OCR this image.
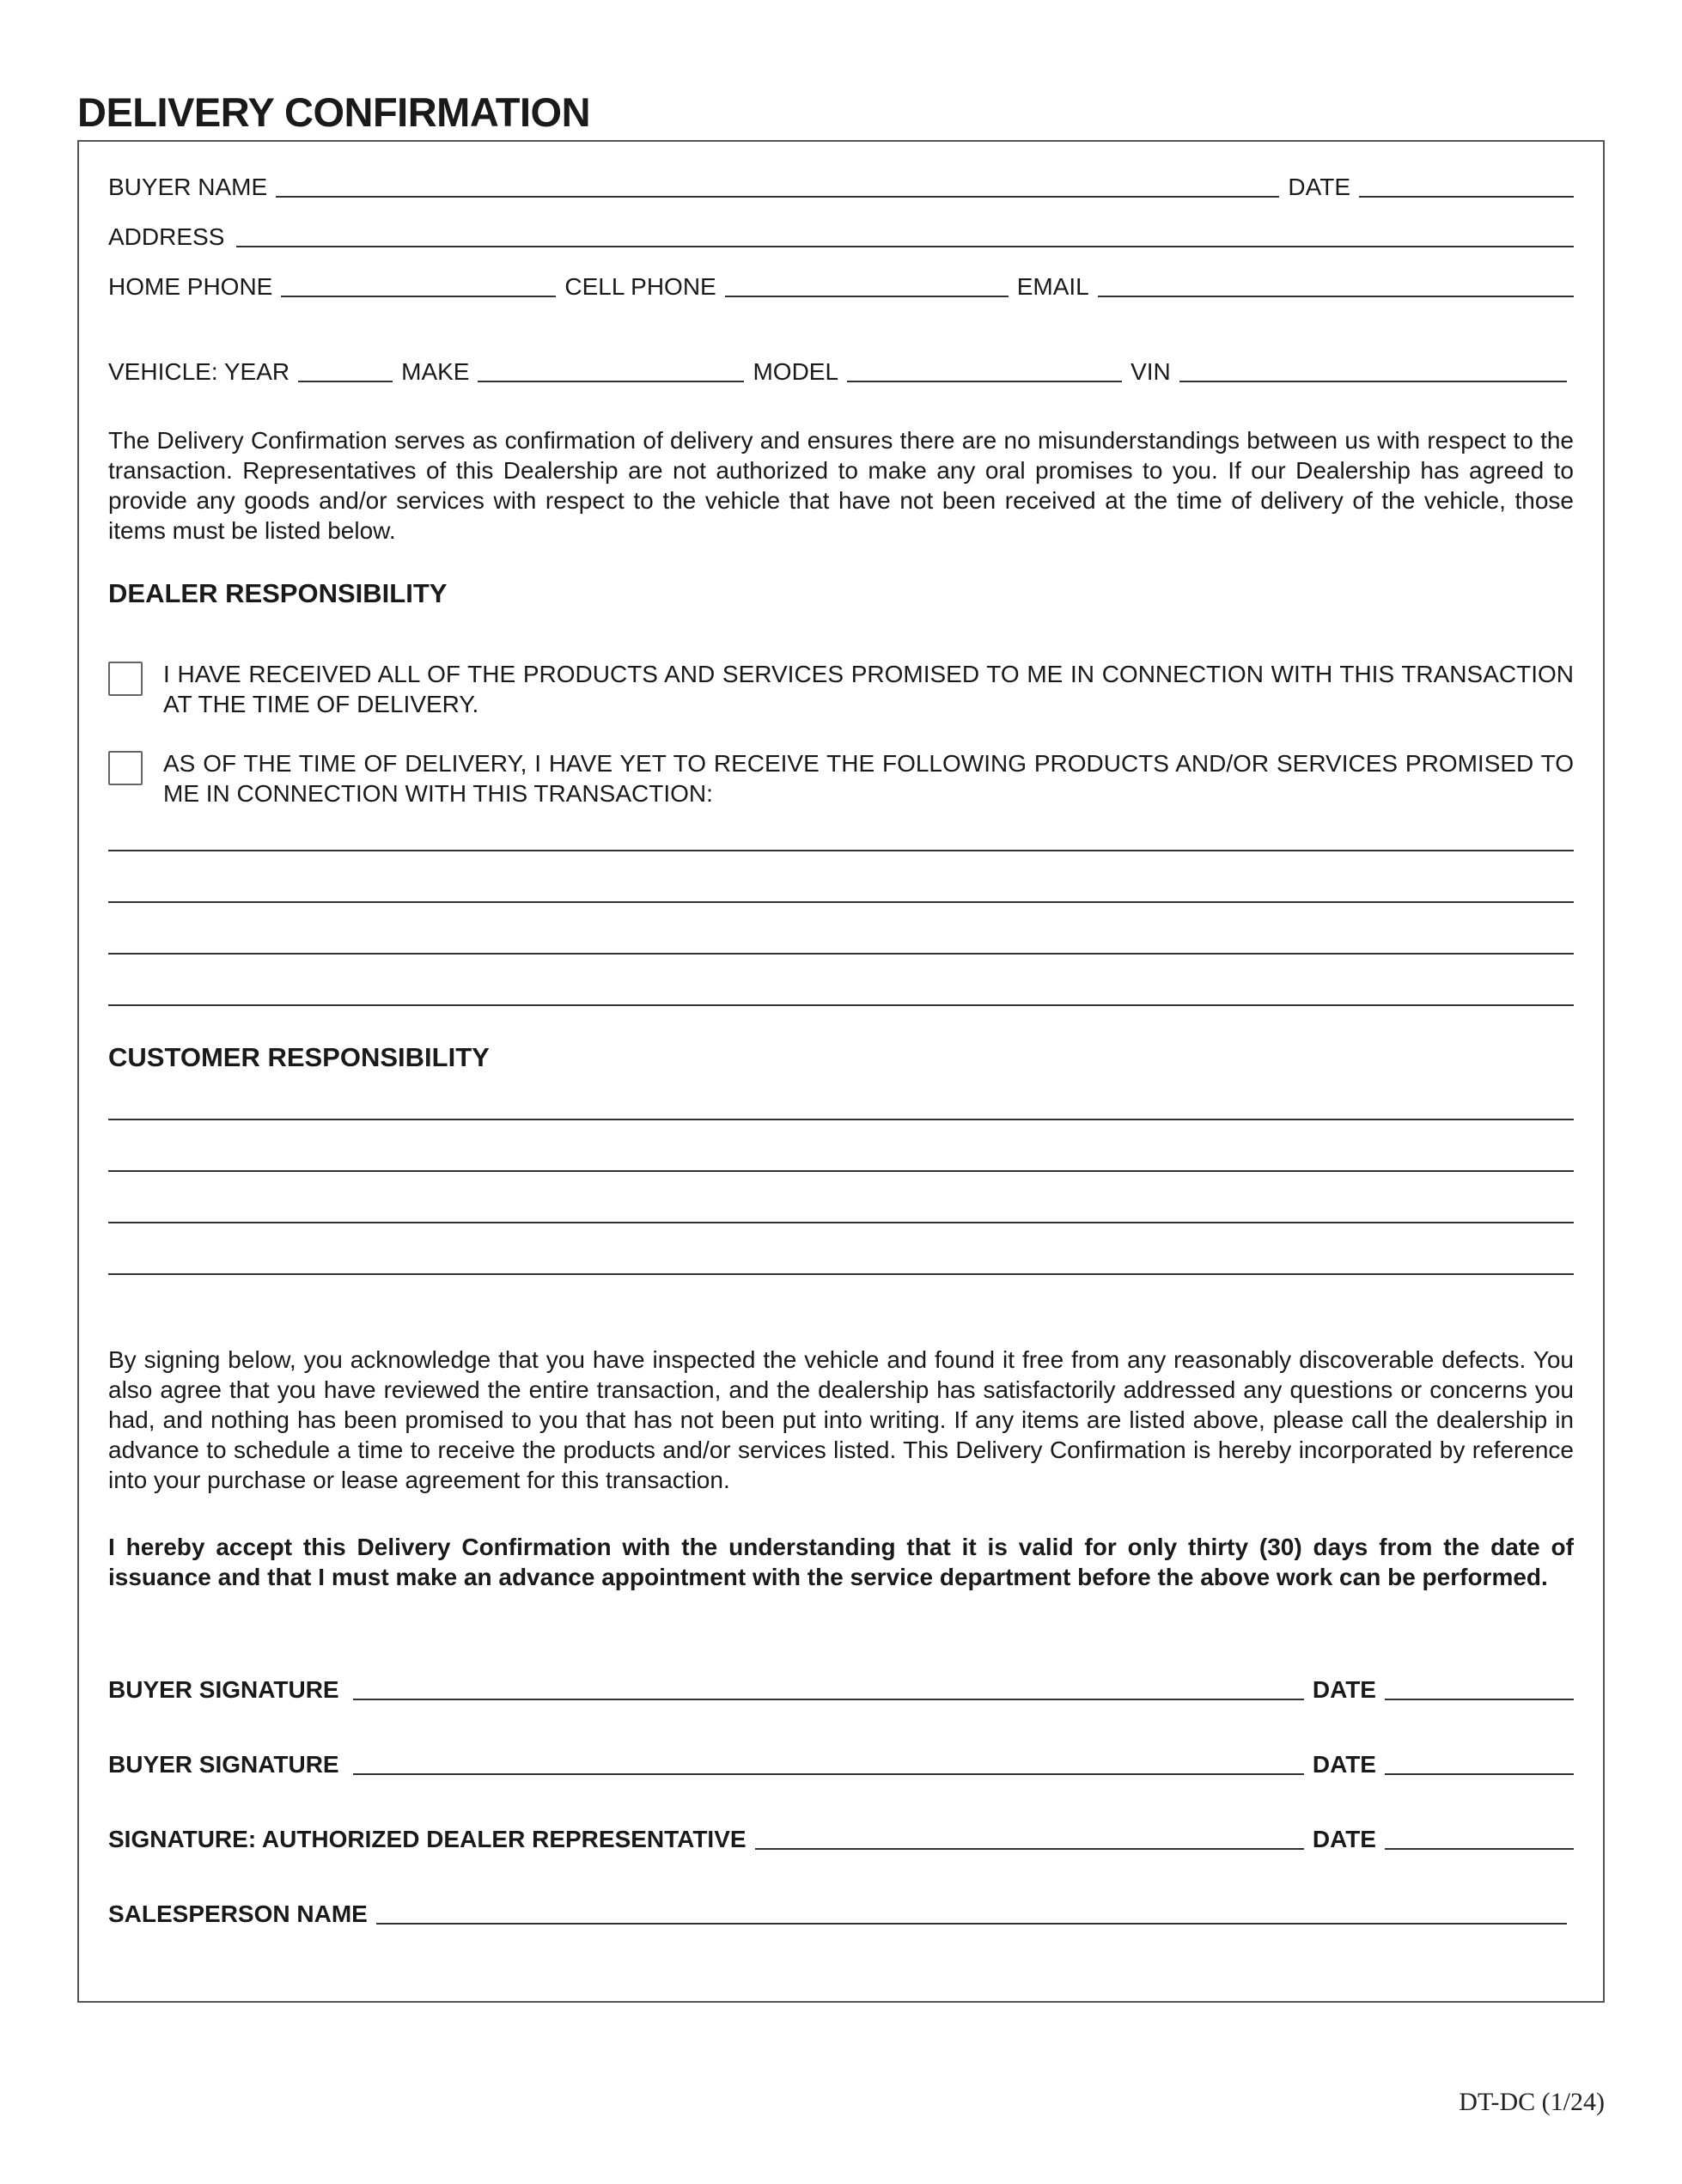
DELIVERY CONFIRMATION
BUYER NAME	DATE
ADDRESS
HOME PHONE	CELL PHONE	EMAIL
VEHICLE: YEAR	MAKE	MODEL	VIN

The Delivery Confirmation serves as confirmation of delivery and ensures there are no misunderstandings between us with respect to the transaction. Representatives of this Dealership are not authorized to make any oral promises to you. If our Dealership has agreed to provide any goods and/or services with respect to the vehicle that have not been received at the time of delivery of the vehicle, those items must be listed below.

DEALER RESPONSIBILITY

I HAVE RECEIVED ALL OF THE PRODUCTS AND SERVICES PROMISED TO ME IN CONNECTION WITH THIS TRANSACTION AT THE TIME OF DELIVERY.

AS OF THE TIME OF DELIVERY, I HAVE YET TO RECEIVE THE FOLLOWING PRODUCTS AND/OR SERVICES PROMISED TO ME IN CONNECTION WITH THIS TRANSACTION:

CUSTOMER RESPONSIBILITY

By signing below, you acknowledge that you have inspected the vehicle and found it free from any reasonably discoverable defects. You also agree that you have reviewed the entire transaction, and the dealership has satisfactorily addressed any questions or concerns you had, and nothing has been promised to you that has not been put into writing. If any items are listed above, please call the dealership in advance to schedule a time to receive the products and/or services listed. This Delivery Confirmation is hereby incorporated by reference into your purchase or lease agreement for this transaction.

I hereby accept this Delivery Confirmation with the understanding that it is valid for only thirty (30) days from the date of issuance and that I must make an advance appointment with the service department before the above work can be performed.

BUYER SIGNATURE	DATE
BUYER SIGNATURE	DATE
SIGNATURE: AUTHORIZED DEALER REPRESENTATIVE	DATE
SALESPERSON NAME
DT-DC (1/24)
